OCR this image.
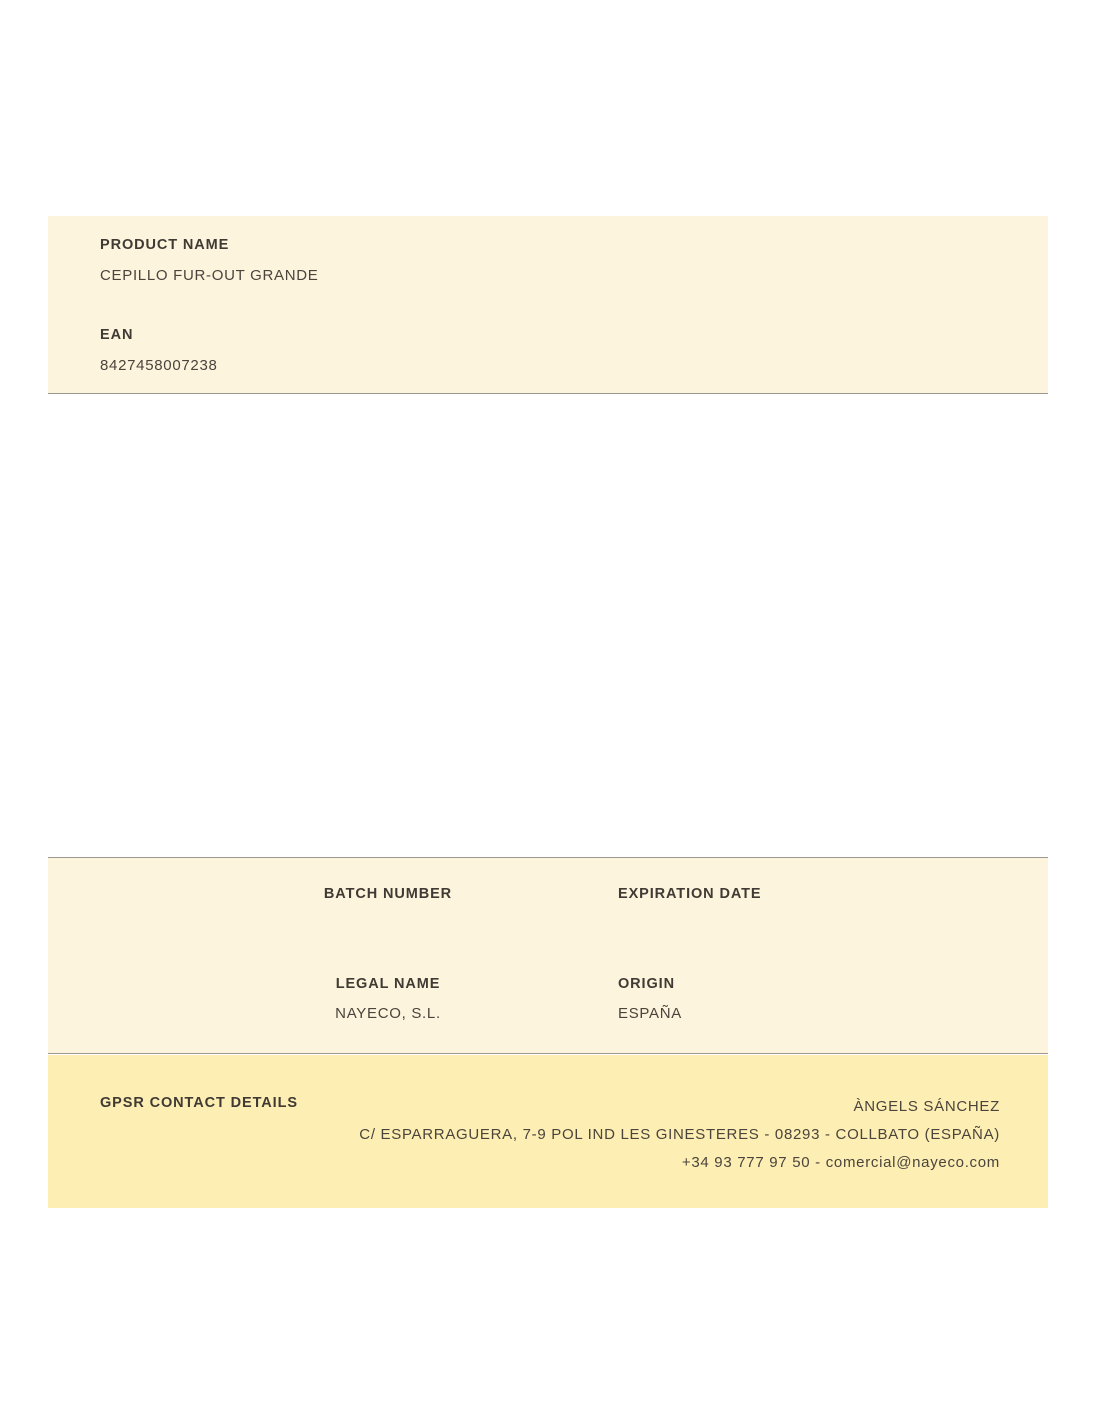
PRODUCT NAME
CEPILLO FUR-OUT GRANDE
EAN
8427458007238
BATCH NUMBER	EXPIRATION DATE
LEGAL NAME
NAYECO, S.L.
ORIGIN
ESPAÑA
GPSR CONTACT DETAILS	ÀNGELS SÁNCHEZ
C/ ESPARRAGUERA, 7-9 POL IND LES GINESTERES - 08293 - COLLBATO (ESPAÑA)
+34 93 777 97 50 - comercial@nayeco.com
